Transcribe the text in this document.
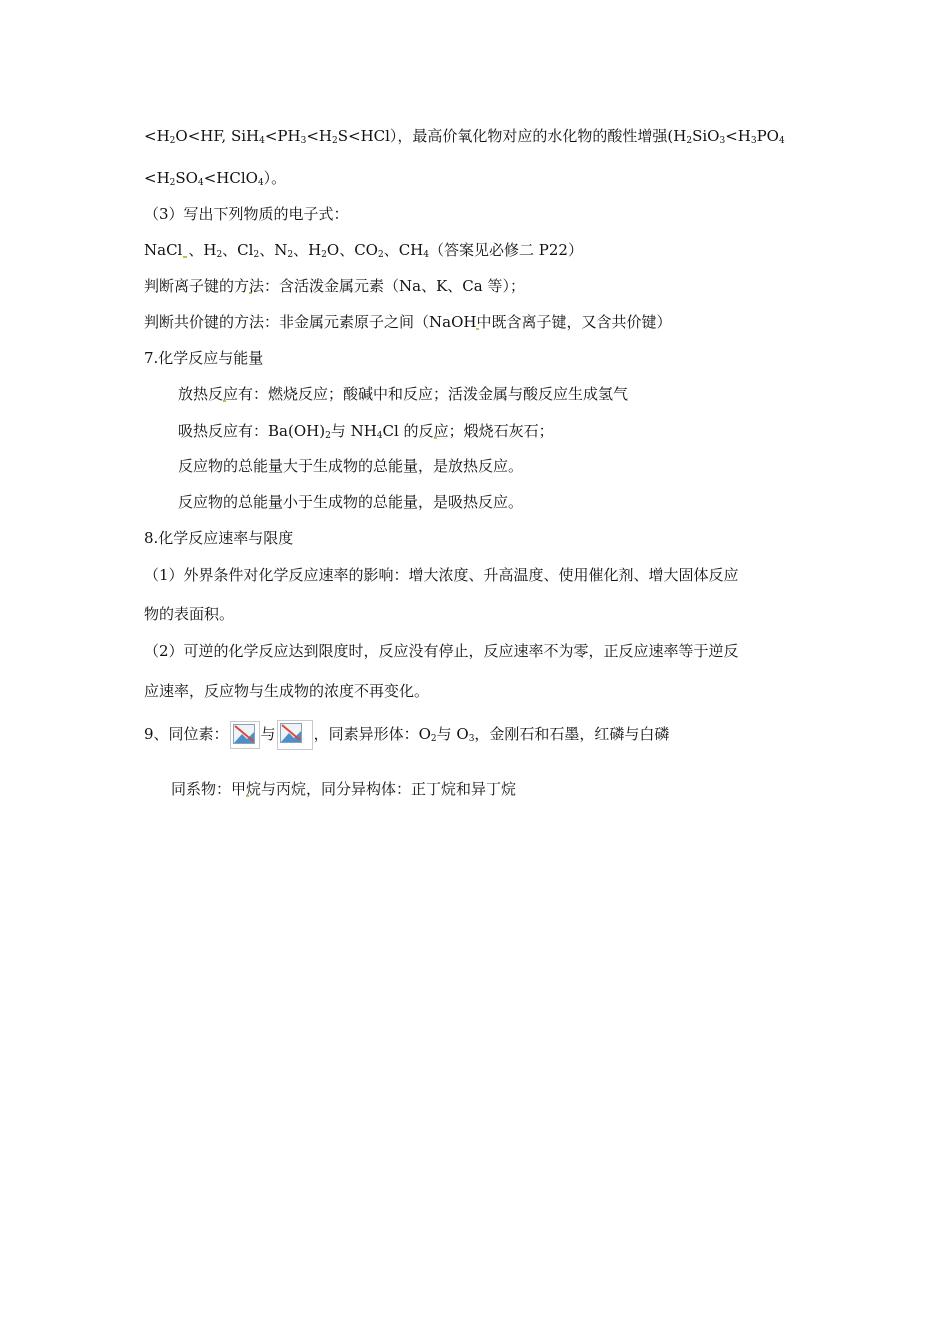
$<H_2O<HF$, $SiH_4<PH_3<H_2S<HCl$），最高价氧化物对应的水化物的酸性增强($H_2SiO_3<H_3PO_4$
$<H_2SO_4<HClO_4$）。
（3）写出下列物质的电子式：
NaCl 、$H_2$、$Cl_2$、$N_2$、$H_2O$、$CO_2$、$CH_4$（答案见必修二 P22）
判断离子键的方法：含活泼金属元素（Na、K、Ca 等）；
判断共价键的方法：非金属元素原子之间（NaOH中既含离子键，又含共价键）
7.化学反应与能量
放热反应有：燃烧反应；酸碱中和反应；活泼金属与酸反应生成氢气
吸热反应有：$Ba(OH)_2$与 $NH_4Cl$ 的反应；煅烧石灰石；
反应物的总能量大于生成物的总能量，是放热反应。
反应物的总能量小于生成物的总能量，是吸热反应。
8.化学反应速率与限度
（1）外界条件对化学反应速率的影响：增大浓度、升高温度、使用催化剂、增大固体反应
物的表面积。
（2）可逆的化学反应达到限度时，反应没有停止，反应速率不为零，正反应速率等于逆反
应速率，反应物与生成物的浓度不再变化。
9、同位素： 与	，同素异形体：$O_2$与 $O_3$，金刚石和石墨，红磷与白磷
同系物：甲烷与丙烷，同分异构体：正丁烷和异丁烷
